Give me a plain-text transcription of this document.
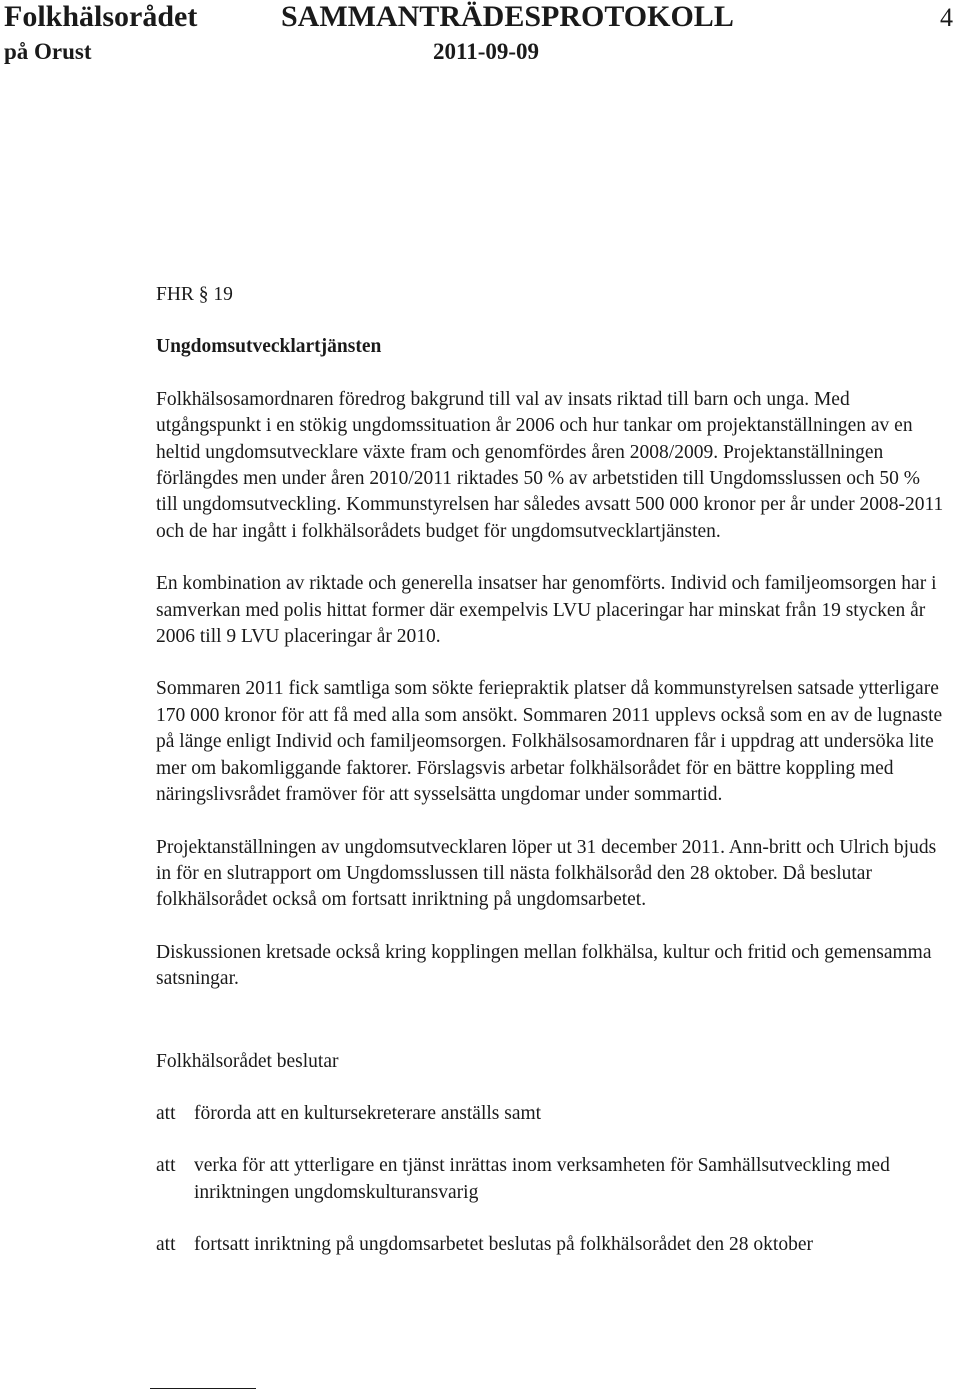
Folkhälsorådet	SAMMANTRÄDESPROTOKOLL	4
på Orust	2011-09-09

FHR § 19

Ungdomsutvecklartjänsten

Folkhälsosamordnaren föredrog bakgrund till val av insats riktad till barn och unga. Med utgångspunkt i en stökig ungdomssituation år 2006 och hur tankar om projektanställningen av en heltid ungdomsutvecklare växte fram och genomfördes åren 2008/2009. Projektanställningen förlängdes men under åren 2010/2011 riktades 50 % av arbetstiden till Ungdomsslussen och 50 % till ungdomsutveckling. Kommunstyrelsen har således avsatt 500 000 kronor per år under 2008-2011 och de har ingått i folkhälsorådets budget för ungdomsutvecklartjänsten.

En kombination av riktade och generella insatser har genomförts. Individ och familjeomsorgen har i samverkan med polis hittat former där exempelvis LVU placeringar har minskat från 19 stycken år 2006 till 9 LVU placeringar år 2010.

Sommaren 2011 fick samtliga som sökte feriepraktik platser då kommunstyrelsen satsade ytterligare 170 000 kronor för att få med alla som ansökt. Sommaren 2011 upplevs också som en av de lugnaste på länge enligt Individ och familjeomsorgen. Folkhälsosamordnaren får i uppdrag att undersöka lite mer om bakomliggande faktorer. Förslagsvis arbetar folkhälsorådet för en bättre koppling med näringslivsrådet framöver för att sysselsätta ungdomar under sommartid.

Projektanställningen av ungdomsutvecklaren löper ut 31 december 2011. Ann-britt och Ulrich bjuds in för en slutrapport om Ungdomsslussen till nästa folkhälsoråd den 28 oktober. Då beslutar folkhälsorådet också om fortsatt inriktning på ungdomsarbetet.

Diskussionen kretsade också kring kopplingen mellan folkhälsa, kultur och fritid och gemensamma satsningar.

Folkhälsorådet beslutar

att förorda att en kultursekreterare anställs samt
att verka för att ytterligare en tjänst inrättas inom verksamheten för Samhällsutveckling med inriktningen ungdomskulturansvarig
att fortsatt inriktning på ungdomsarbetet beslutas på folkhälsorådet den 28 oktober
